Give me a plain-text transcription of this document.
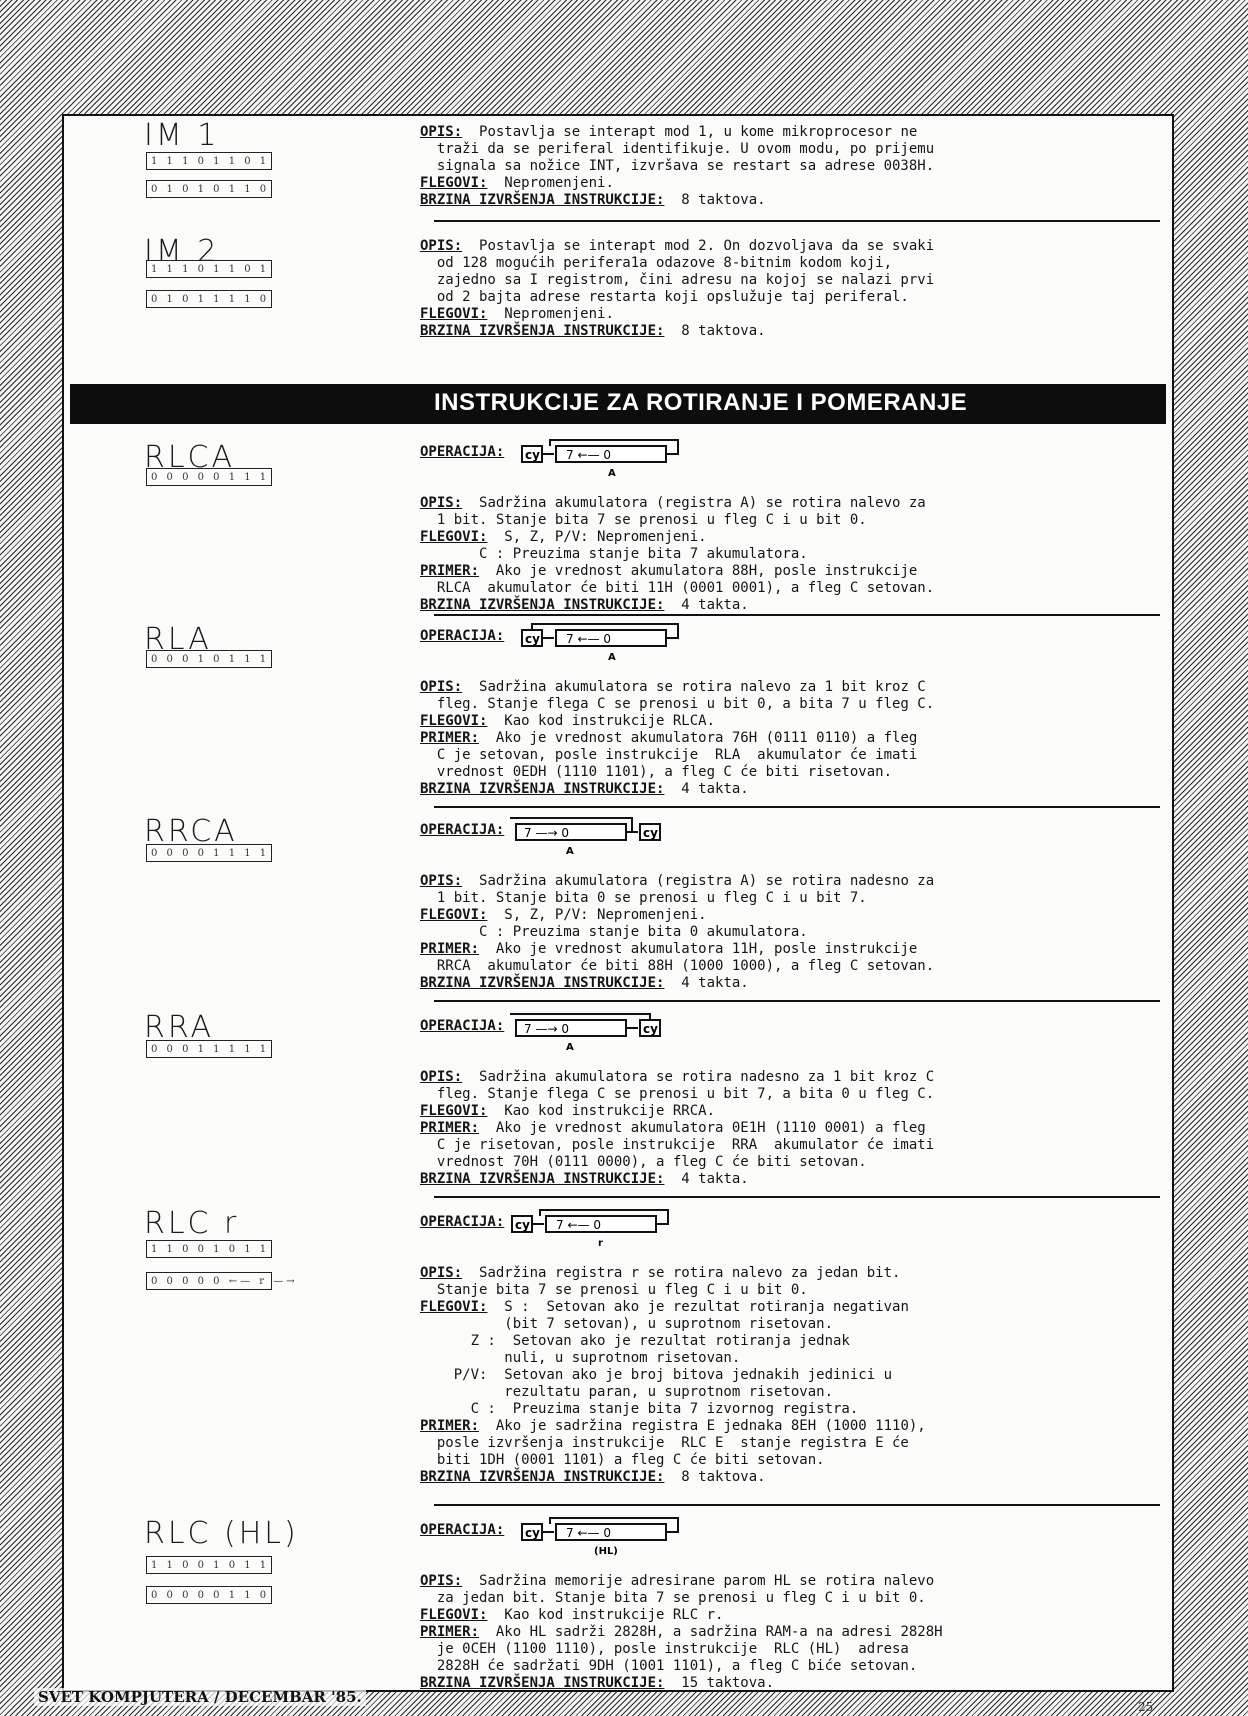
IM 1
1 1 1 0 1 1 0 1
0 1 0 1 0 1 1 0
OPIS: Postavlja se interapt mod 1, u kome mikroprocesor ne
traži da se periferal identifikuje. U ovom modu, po prijemu
signala sa nožice INT, izvršava se restart sa adrese 0038H.
FLEGOVI: Nepromenjeni.
BRZINA IZVRŠENJA INSTRUKCIJE: 8 taktova.
IM 2
1 1 1 0 1 1 0 1
0 1 0 1 1 1 1 0
OPIS: Postavlja se interapt mod 2. On dozvoljava da se svaki
od 128 mogućih perifera1a odazove 8-bitnim kodom koji,
zajedno sa I registrom, čini adresu na kojoj se nalazi prvi
od 2 bajta adrese restarta koji opslužuje taj periferal.
FLEGOVI: Nepromenjeni.
BRZINA IZVRŠENJA INSTRUKCIJE: 8 taktova.
INSTRUKCIJE ZA ROTIRANJE I POMERANJE
RLCA
0 0 0 0 0 1 1 1
OPERACIJA:

OPIS: Sadržina akumulatora (registra A) se rotira nalevo za
1 bit. Stanje bita 7 se prenosi u fleg C i u bit 0.
FLEGOVI: S, Z, P/V: Nepromenjeni.
C : Preuzima stanje bita 7 akumulatora.
PRIMER: Ako je vrednost akumulatora 88H, posle instrukcije
RLCA  akumulator će biti 11H (0001 0001), a fleg C setovan.
BRZINA IZVRŠENJA INSTRUKCIJE: 4 takta.
cy 7 ←— 0
A
RLA
0 0 0 1 0 1 1 1
OPERACIJA:

OPIS: Sadržina akumulatora se rotira nalevo za 1 bit kroz C
fleg. Stanje flega C se prenosi u bit 0, a bita 7 u fleg C.
FLEGOVI: Kao kod instrukcije RLCA.
PRIMER: Ako je vrednost akumulatora 76H (0111 0110) a fleg
C je setovan, posle instrukcije  RLA  akumulator će imati
vrednost 0EDH (1110 1101), a fleg C će biti risetovan.
BRZINA IZVRŠENJA INSTRUKCIJE: 4 takta.
cy 7 ←— 0
A
RRCA
0 0 0 0 1 1 1 1
OPERACIJA:

OPIS: Sadržina akumulatora (registra A) se rotira nadesno za
1 bit. Stanje bita 0 se prenosi u fleg C i u bit 7.
FLEGOVI: S, Z, P/V: Nepromenjeni.
C : Preuzima stanje bita 0 akumulatora.
PRIMER: Ako je vrednost akumulatora 11H, posle instrukcije
RRCA  akumulator će biti 88H (1000 1000), a fleg C setovan.
BRZINA IZVRŠENJA INSTRUKCIJE: 4 takta.
7 —→ 0	cy
A
RRA
0 0 0 1 1 1 1 1
OPERACIJA:

OPIS: Sadržina akumulatora se rotira nadesno za 1 bit kroz C
fleg. Stanje flega C se prenosi u bit 7, a bita 0 u fleg C.
FLEGOVI: Kao kod instrukcije RRCA.
PRIMER: Ako je vrednost akumulatora 0E1H (1110 0001) a fleg
C je risetovan, posle instrukcije  RRA  akumulator će imati
vrednost 70H (0111 0000), a fleg C će biti setovan.
BRZINA IZVRŠENJA INSTRUKCIJE: 4 takta.
7 —→ 0	cy
A
RLC r
1 1 0 0 1 0 1 1
0 0 0 0 0 ←— r —→
OPERACIJA:

OPIS: Sadržina registra r se rotira nalevo za jedan bit.
Stanje bita 7 se prenosi u fleg C i u bit 0.
FLEGOVI: S :  Setovan ako je rezultat rotiranja negativan
(bit 7 setovan), u suprotnom risetovan.
Z :  Setovan ako je rezultat rotiranja jednak
nuli, u suprotnom risetovan.
P/V:  Setovan ako je broj bitova jednakih jedinici u
rezultatu paran, u suprotnom risetovan.
C :  Preuzima stanje bita 7 izvornog registra.
PRIMER: Ako je sadržina registra E jednaka 8EH (1000 1110),
posle izvršenja instrukcije  RLC E  stanje registra E će
biti 1DH (0001 1101) a fleg C će biti setovan.
BRZINA IZVRŠENJA INSTRUKCIJE: 8 taktova.
cy 7 ←— 0
r
RLC (HL)
1 1 0 0 1 0 1 1
0 0 0 0 0 1 1 0
OPERACIJA:

OPIS: Sadržina memorije adresirane parom HL se rotira nalevo
za jedan bit. Stanje bita 7 se prenosi u fleg C i u bit 0.
FLEGOVI: Kao kod instrukcije RLC r.
PRIMER: Ako HL sadrži 2828H, a sadržina RAM-a na adresi 2828H
je 0CEH (1100 1110), posle instrukcije  RLC (HL)  adresa
2828H će sadržati 9DH (1001 1101), a fleg C biće setovan.
BRZINA IZVRŠENJA INSTRUKCIJE: 15 taktova.
cy 7 ←— 0
(HL)
SVET KOMPJUTERA / DECEMBAR '85.
25
